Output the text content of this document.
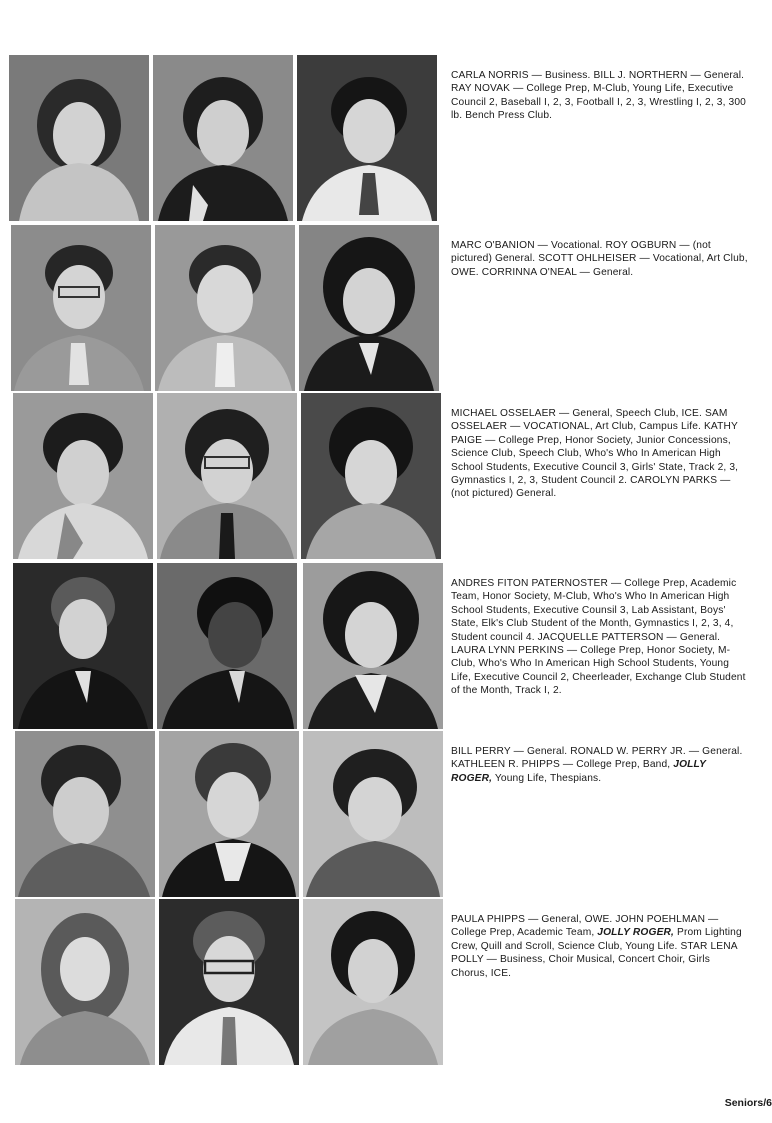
CARLA NORRIS — Business. BILL J. NORTHERN — General. RAY NOVAK — College Prep, M-Club, Young Life, Executive Council 2, Baseball I, 2, 3, Football I, 2, 3, Wrestling I, 2, 3, 300 lb. Bench Press Club.

MARC O'BANION — Vocational. ROY OGBURN — (not pictured) General. SCOTT OHLHEISER — Vocational, Art Club, OWE. CORRINNA O'NEAL — General.

MICHAEL OSSELAER — General, Speech Club, ICE. SAM OSSELAER — VOCATIONAL, Art Club, Campus Life. KATHY PAIGE — College Prep, Honor Society, Junior Concessions, Science Club, Speech Club, Who's Who In American High School Students, Executive Council 3, Girls' State, Track 2, 3, Gymnastics I, 2, 3, Student Council 2. CAROLYN PARKS — (not pictured) General.

ANDRES FITON PATERNOSTER — College Prep, Academic Team, Honor Society, M-Club, Who's Who In American High School Students, Executive Counsil 3, Lab Assistant, Boys' State, Elk's Club Student of the Month, Gymnastics I, 2, 3, 4, Student council 4. JACQUELLE PATTERSON — General. LAURA LYNN PERKINS — College Prep, Honor Society, M-Club, Who's Who In American High School Students, Young Life, Executive Council 2, Cheerleader, Exchange Club Student of the Month, Track I, 2.

BILL PERRY — General. RONALD W. PERRY JR. — General. KATHLEEN R. PHIPPS — College Prep, Band, JOLLY ROGER, Young Life, Thespians.

PAULA PHIPPS — General, OWE. JOHN POEHLMAN — College Prep, Academic Team, JOLLY ROGER, Prom Lighting Crew, Quill and Scroll, Science Club, Young Life. STAR LENA POLLY — Business, Choir Musical, Concert Choir, Girls Chorus, ICE.

Seniors/6
